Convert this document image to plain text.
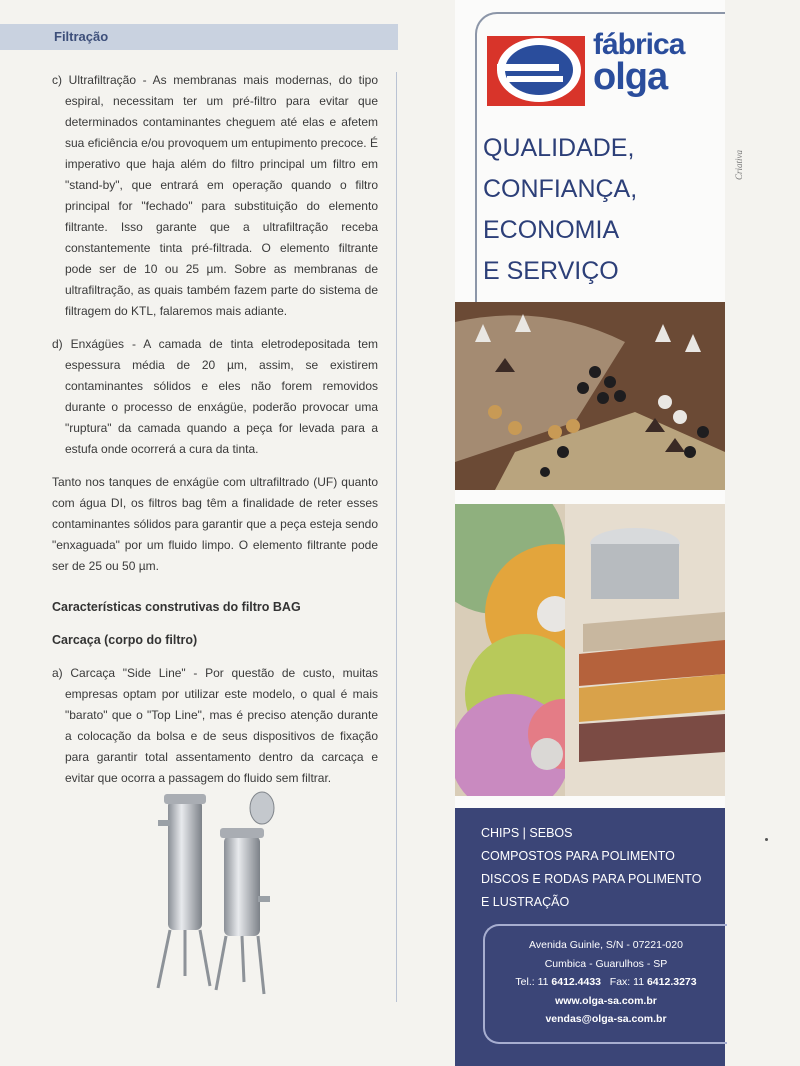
Filtração

c) Ultrafiltração - As membranas mais modernas, do tipo espiral, necessitam ter um pré-filtro para evitar que determinados contaminantes cheguem até elas e afetem sua eficiência e/ou provoquem um entupimento precoce. É imperativo que haja além do filtro principal um filtro em "stand-by", que entrará em operação quando o filtro principal for "fechado" para substituição do elemento filtrante. Isso garante que a ultrafiltração receba constantemente tinta pré-filtrada. O elemento filtrante pode ser de 10 ou 25 µm. Sobre as membranas de ultrafiltração, as quais também fazem parte do sistema de filtragem do KTL, falaremos mais adiante.

d) Enxágües - A camada de tinta eletrodepositada tem espessura média de 20 µm, assim, se existirem contaminantes sólidos e eles não forem removidos durante o processo de enxágüe, poderão provocar uma "ruptura" da camada quando a peça for levada para a estufa onde ocorrerá a cura da tinta.

Tanto nos tanques de enxágüe com ultrafiltrado (UF) quanto com água DI, os filtros bag têm a finalidade de reter esses contaminantes sólidos para garantir que a peça esteja sendo "enxaguada" por um fluido limpo. O elemento filtrante pode ser de 25 ou 50 µm.

Características construtivas do filtro BAG

Carcaça (corpo do filtro)

a) Carcaça "Side Line" - Por questão de custo, muitas empresas optam por utilizar este modelo, o qual é mais "barato" que o "Top Line", mas é preciso atenção durante a colocação da bolsa e de seus dispositivos de fixação para garantir total assentamento dentro da carcaça e evitar que ocorra a passagem do fluido sem filtrar.

fábrica
olga
QUALIDADE,
CONFIANÇA,
ECONOMIA
E SERVIÇO
CHIPS | SEBOS
COMPOSTOS PARA POLIMENTO
DISCOS E RODAS PARA POLIMENTO
E LUSTRAÇÃO
Avenida Guinle, S/N - 07221-020
Cumbica - Guarulhos - SP
Tel.: 11 6412.4433 Fax: 11 6412.3273
www.olga-sa.com.br
vendas@olga-sa.com.br
Criativa
